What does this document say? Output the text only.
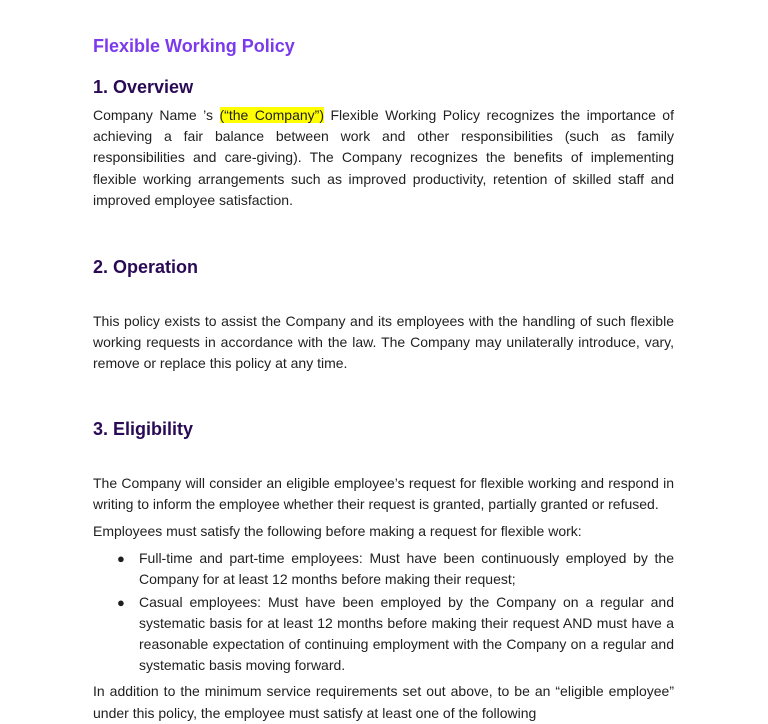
Flexible Working Policy
1. Overview

Company Name ’s (“the Company”) Flexible Working Policy recognizes the importance of achieving a fair balance between work and other responsibilities (such as family responsibilities and care-giving). The Company recognizes the benefits of implementing flexible working arrangements such as improved productivity, retention of skilled staff and improved employee satisfaction.

2. Operation

This policy exists to assist the Company and its employees with the handling of such flexible working requests in accordance with the law. The Company may unilaterally introduce, vary, remove or replace this policy at any time.

3. Eligibility

The Company will consider an eligible employee’s request for flexible working and respond in writing to inform the employee whether their request is granted, partially granted or refused.

Employees must satisfy the following before making a request for flexible work:

● Full-time and part-time employees: Must have been continuously employed by the Company for at least 12 months before making their request;
● Casual employees: Must have been employed by the Company on a regular and systematic basis for at least 12 months before making their request AND must have a reasonable expectation of continuing employment with the Company on a regular and systematic basis moving forward.

In addition to the minimum service requirements set out above, to be an “eligible employee” under this policy, the employee must satisfy at least one of the following
